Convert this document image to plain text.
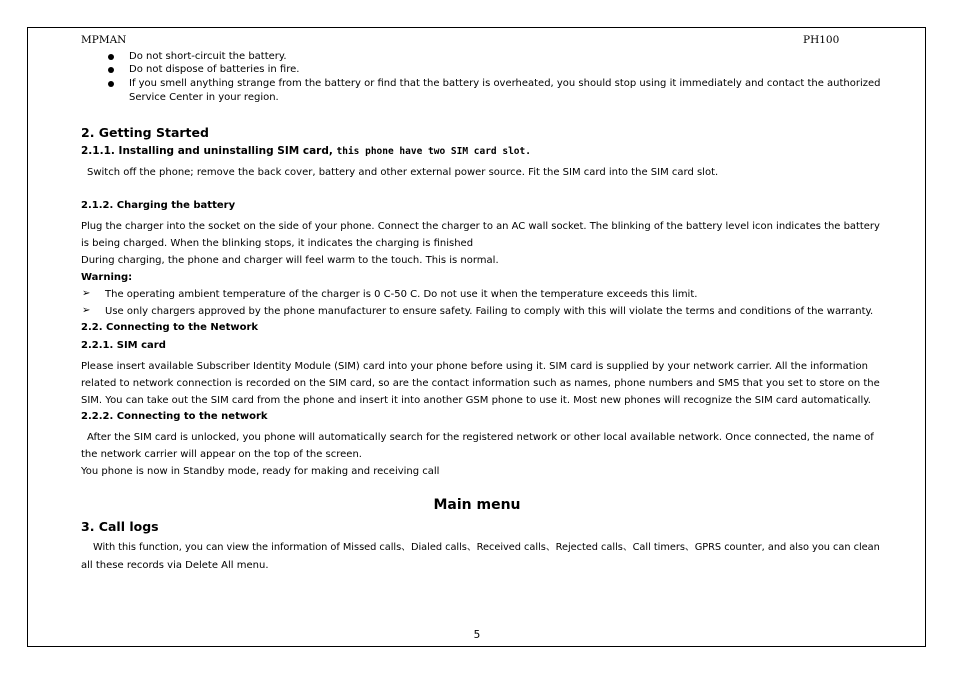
MPMAN	PH100
Do not short-circuit the battery.
Do not dispose of batteries in fire.
If you smell anything strange from the battery or find that the battery is overheated, you should stop using it immediately and contact the authorized
Service Center in your region.
2. Getting Started
2.1.1. Installing and uninstalling SIM card, this phone have two SIM card slot.
Switch off the phone; remove the back cover, battery and other external power source. Fit the SIM card into the SIM card slot.
2.1.2. Charging the battery
Plug the charger into the socket on the side of your phone. Connect the charger to an AC wall socket. The blinking of the battery level icon indicates the battery
is being charged. When the blinking stops, it indicates the charging is finished
During charging, the phone and charger will feel warm to the touch. This is normal.
Warning:
➢ The operating ambient temperature of the charger is 0 C-50 C. Do not use it when the temperature exceeds this limit.
➢ Use only chargers approved by the phone manufacturer to ensure safety. Failing to comply with this will violate the terms and conditions of the warranty.
2.2. Connecting to the Network
2.2.1. SIM card
Please insert available Subscriber Identity Module (SIM) card into your phone before using it. SIM card is supplied by your network carrier. All the information
related to network connection is recorded on the SIM card, so are the contact information such as names, phone numbers and SMS that you set to store on the
SIM. You can take out the SIM card from the phone and insert it into another GSM phone to use it. Most new phones will recognize the SIM card automatically.
2.2.2. Connecting to the network
After the SIM card is unlocked, you phone will automatically search for the registered network or other local available network. Once connected, the name of
the network carrier will appear on the top of the screen.
You phone is now in Standby mode, ready for making and receiving call
Main menu
3. Call logs
With this function, you can view the information of Missed calls、Dialed calls、Received calls、Rejected calls、Call timers、GPRS counter, and also you can clean
all these records via Delete All menu.
5
